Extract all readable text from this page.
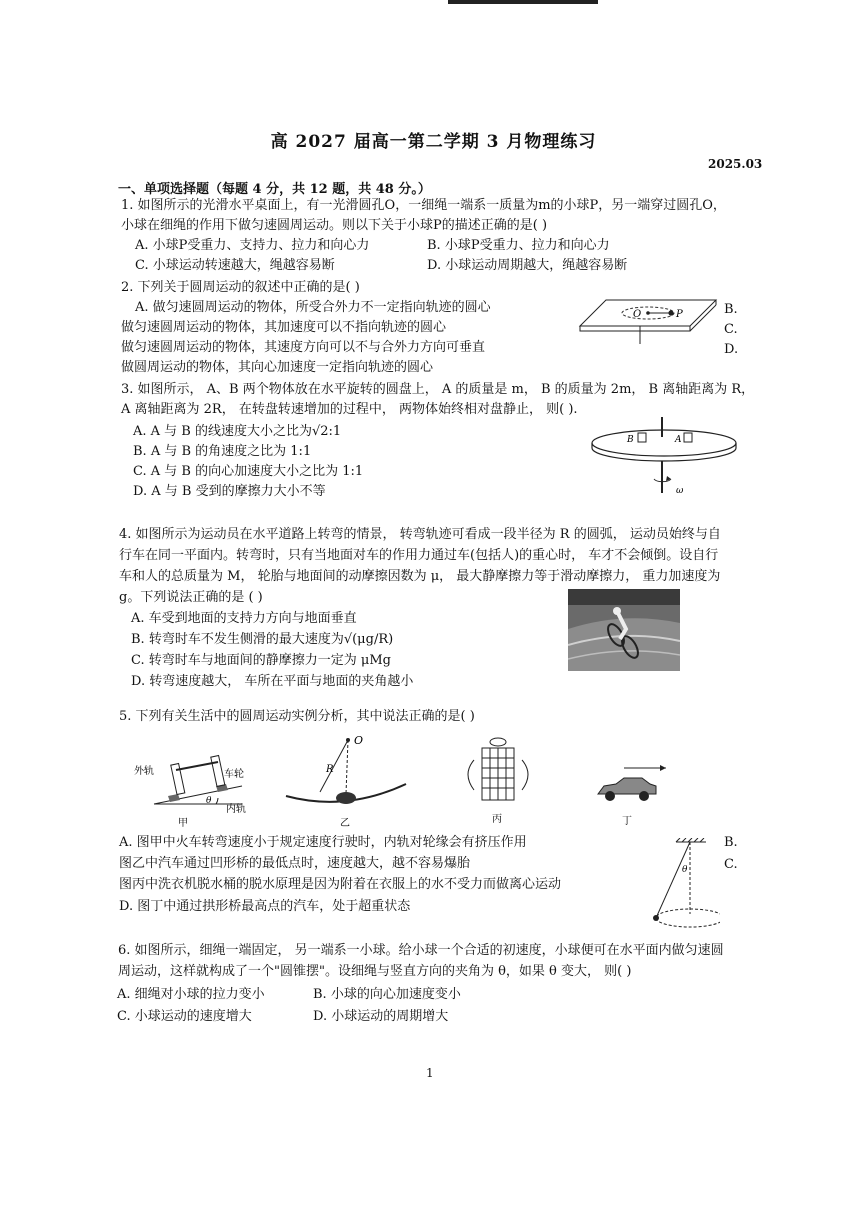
高 2027 届高一第二学期 3 月物理练习
2025.03
一、单项选择题（每题 4 分，共 12 题，共 48 分。）
1. 如图所示的光滑水平桌面上，有一光滑圆孔O，一细绳一端系一质量为m的小球P，另一端穿过圆孔O，
小球在细绳的作用下做匀速圆周运动。则以下关于小球P的描述正确的是( )
A. 小球P受重力、支持力、拉力和向心力	B. 小球P受重力、拉力和向心力
C. 小球运动转速越大，绳越容易断	D. 小球运动周期越大，绳越容易断
2. 下列关于圆周运动的叙述中正确的是( )
A. 做匀速圆周运动的物体，所受合外力不一定指向轨迹的圆心
做匀速圆周运动的物体，其加速度可以不指向轨迹的圆心
做匀速圆周运动的物体，其速度方向可以不与合外力方向可垂直
做圆周运动的物体，其向心加速度一定指向轨迹的圆心
B.
C.
D.
O	P
3. 如图所示， A、B 两个物体放在水平旋转的圆盘上， A 的质量是 m， B 的质量为 2m， B 离轴距离为 R，
A 离轴距离为 2R， 在转盘转速增加的过程中， 两物体始终相对盘静止， 则( ).
A. A 与 B 的线速度大小之比为√2:1
B. A 与 B 的角速度之比为 1:1
C. A 与 B 的向心加速度大小之比为 1:1
D. A 与 B 受到的摩擦力大小不等
B	A
ω
4. 如图所示为运动员在水平道路上转弯的情景， 转弯轨迹可看成一段半径为 R 的圆弧， 运动员始终与自
行车在同一平面内。转弯时，只有当地面对车的作用力通过车(包括人)的重心时， 车才不会倾倒。设自行
车和人的总质量为 M， 轮胎与地面间的动摩擦因数为 μ， 最大静摩擦力等于滑动摩擦力， 重力加速度为
g。下列说法正确的是 ( )
A. 车受到地面的支持力方向与地面垂直
B. 转弯时车不发生侧滑的最大速度为√(μg/R)
C. 转弯时车与地面间的静摩擦力一定为 μMg
D. 转弯速度越大， 车所在平面与地面的夹角越小
5. 下列有关生活中的圆周运动实例分析，其中说法正确的是( )
外轨	车轮
θ
内轨
甲
O
R
乙	丙	丁
A. 图甲中火车转弯速度小于规定速度行驶时，内轨对轮缘会有挤压作用
图乙中汽车通过凹形桥的最低点时，速度越大，越不容易爆胎
图丙中洗衣机脱水桶的脱水原理是因为附着在衣服上的水不受力而做离心运动
D. 图丁中通过拱形桥最高点的汽车，处于超重状态
B.
C.
θ
6. 如图所示，细绳一端固定， 另一端系一小球。给小球一个合适的初速度，小球便可在水平面内做匀速圆
周运动，这样就构成了一个"圆锥摆"。设细绳与竖直方向的夹角为 θ，如果 θ 变大， 则( )
A. 细绳对小球的拉力变小	B. 小球的向心加速度变小
C. 小球运动的速度增大	D. 小球运动的周期增大
1
